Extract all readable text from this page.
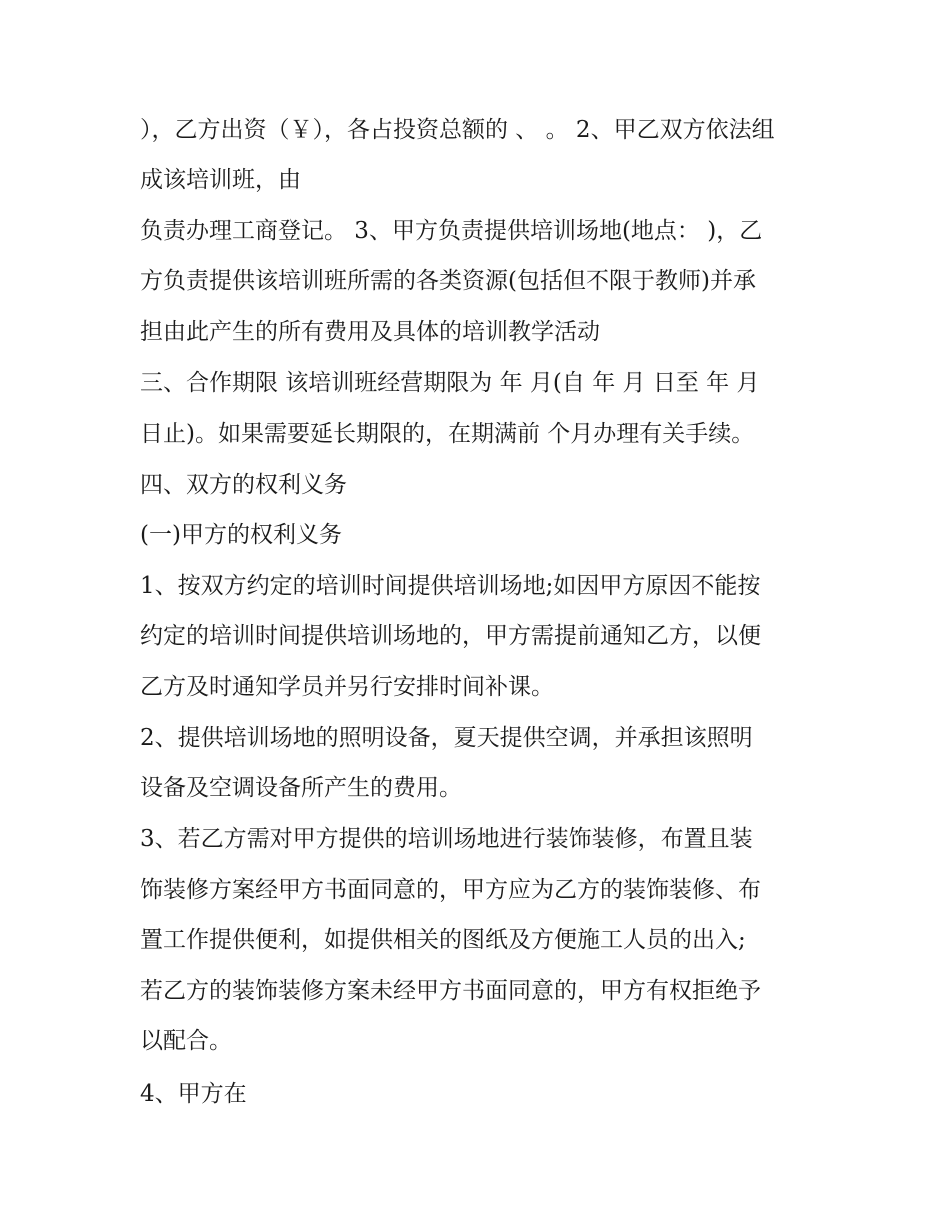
），乙方出资（￥），各占投资总额的 、 。 2、甲乙双方依法组
成该培训班，由
负责办理工商登记。 3、甲方负责提供培训场地(地点： )，乙
方负责提供该培训班所需的各类资源(包括但不限于教师)并承
担由此产生的所有费用及具体的培训教学活动
三、合作期限 该培训班经营期限为 年 月(自 年 月 日至 年 月
日止)。如果需要延长期限的，在期满前 个月办理有关手续。
四、双方的权利义务
(一)甲方的权利义务
1、按双方约定的培训时间提供培训场地;如因甲方原因不能按
约定的培训时间提供培训场地的，甲方需提前通知乙方，以便
乙方及时通知学员并另行安排时间补课。
2、提供培训场地的照明设备，夏天提供空调，并承担该照明
设备及空调设备所产生的费用。
3、若乙方需对甲方提供的培训场地进行装饰装修，布置且装
饰装修方案经甲方书面同意的，甲方应为乙方的装饰装修、布
置工作提供便利，如提供相关的图纸及方便施工人员的出入;
若乙方的装饰装修方案未经甲方书面同意的，甲方有权拒绝予
以配合。
4、甲方在
